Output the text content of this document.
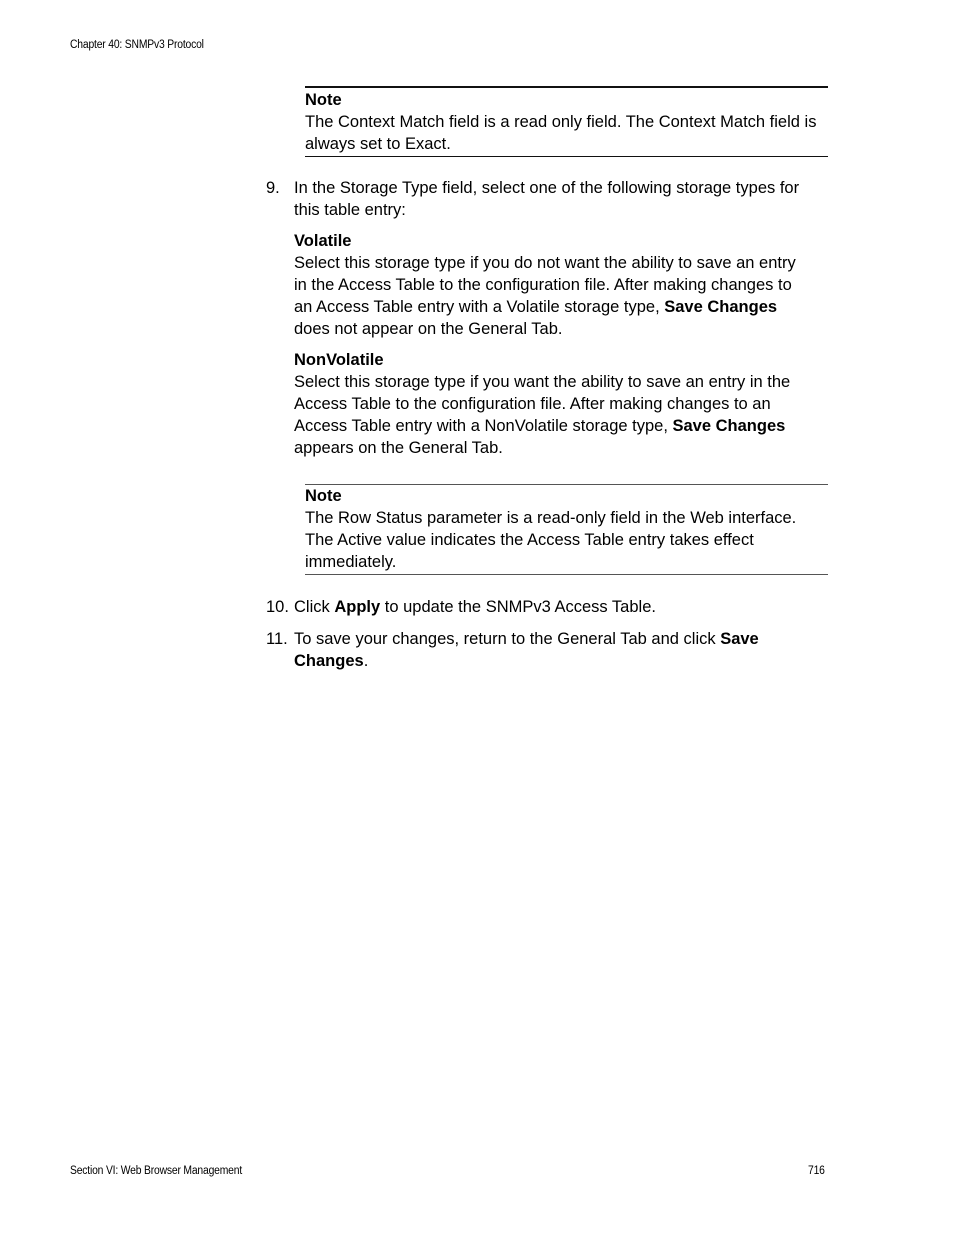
Chapter 40: SNMPv3 Protocol
Note
The Context Match field is a read only field. The Context Match field is always set to Exact.
9. In the Storage Type field, select one of the following storage types for this table entry:
Volatile
Select this storage type if you do not want the ability to save an entry in the Access Table to the configuration file. After making changes to an Access Table entry with a Volatile storage type, Save Changes does not appear on the General Tab.
NonVolatile
Select this storage type if you want the ability to save an entry in the Access Table to the configuration file. After making changes to an Access Table entry with a NonVolatile storage type, Save Changes appears on the General Tab.
Note
The Row Status parameter is a read-only field in the Web interface. The Active value indicates the Access Table entry takes effect immediately.
10. Click Apply to update the SNMPv3 Access Table.
11. To save your changes, return to the General Tab and click Save Changes.
Section VI: Web Browser Management	716
